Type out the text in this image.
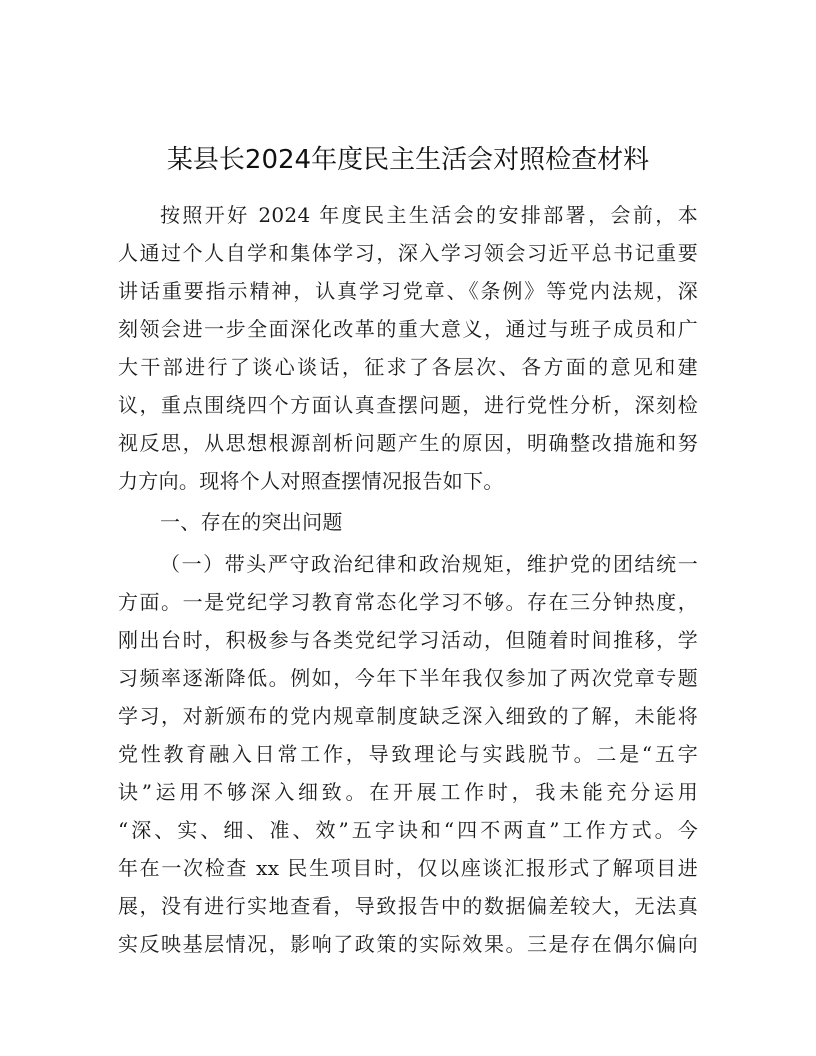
某县长2024年度民主生活会对照检查材料
按照开好 2024 年度民主生活会的安排部署，会前，本
人通过个人自学和集体学习，深入学习领会习近平总书记重要
讲话重要指示精神，认真学习党章、《条例》等党内法规，深
刻领会进一步全面深化改革的重大意义，通过与班子成员和广
大干部进行了谈心谈话，征求了各层次、各方面的意见和建
议，重点围绕四个方面认真查摆问题，进行党性分析，深刻检
视反思，从思想根源剖析问题产生的原因，明确整改措施和努
力方向。现将个人对照查摆情况报告如下。
一、存在的突出问题
（一）带头严守政治纪律和政治规矩，维护党的团结统一
方面。一是党纪学习教育常态化学习不够。存在三分钟热度，
刚出台时，积极参与各类党纪学习活动，但随着时间推移，学
习频率逐渐降低。例如，今年下半年我仅参加了两次党章专题
学习，对新颁布的党内规章制度缺乏深入细致的了解，未能将
党性教育融入日常工作，导致理论与实践脱节。二是“五字
诀”运用不够深入细致。在开展工作时，我未能充分运用
“深、实、细、准、效”五字诀和“四不两直”工作方式。今
年在一次检查 xx 民生项目时，仅以座谈汇报形式了解项目进
展，没有进行实地查看，导致报告中的数据偏差较大，无法真
实反映基层情况，影响了政策的实际效果。三是存在偶尔偏向
